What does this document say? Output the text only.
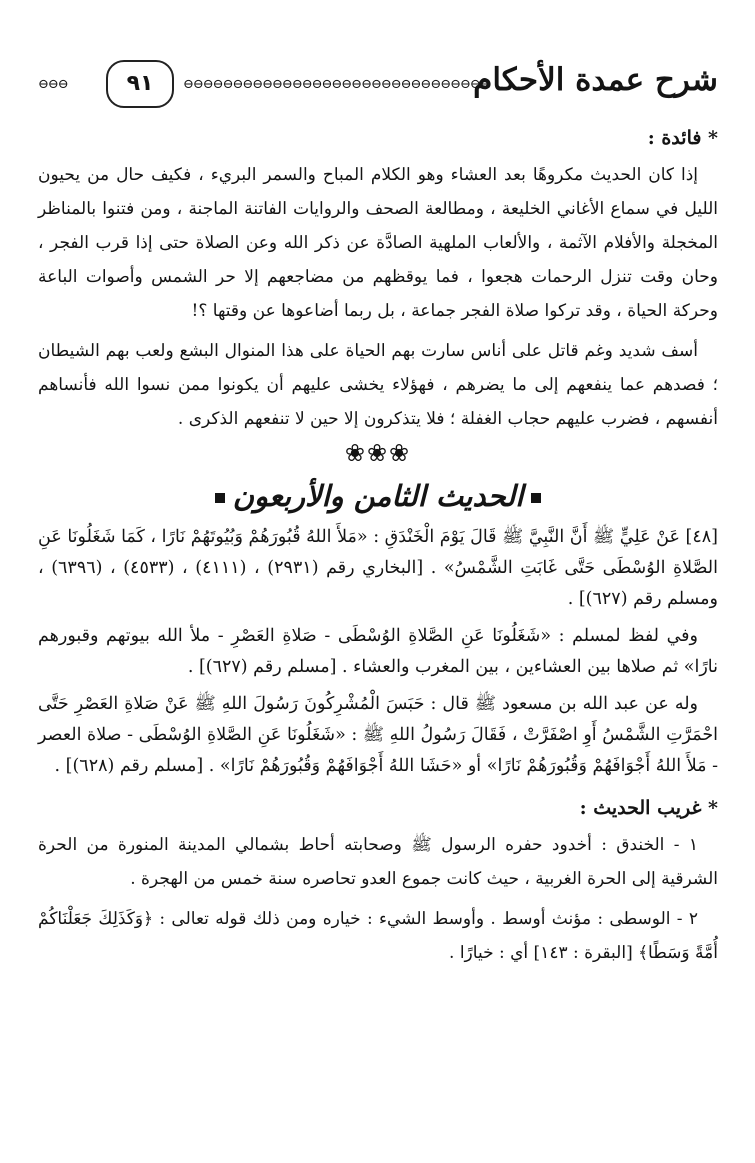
شرح عمدة الأحكام
⊖⊖⊖⊖⊖⊖⊖⊖⊖⊖⊖⊖⊖⊖⊖⊖⊖⊖⊖⊖⊖⊖⊖⊖⊖⊖⊖⊖⊖⊖⊖
٩١
⊖⊖⊖

* فائدة :

إذا كان الحديث مكروهًا بعد العشاء وهو الكلام المباح والسمر البريء ، فكيف حال من يحيون الليل في سماع الأغاني الخليعة ، ومطالعة الصحف والروايات الفاتنة الماجنة ، ومن فتنوا بالمناظر المخجلة والأفلام الآثمة ، والألعاب الملهية الصادَّة عن ذكر الله وعن الصلاة حتى إذا قرب الفجر ، وحان وقت تنزل الرحمات هجعوا ، فما يوقظهم من مضاجعهم إلا حر الشمس وأصوات الباعة وحركة الحياة ، وقد تركوا صلاة الفجر جماعة ، بل ربما أضاعوها عن وقتها ؟!

أسف شديد وغم قاتل على أناس سارت بهم الحياة على هذا المنوال البشع ولعب بهم الشيطان ؛ فصدهم عما ينفعهم إلى ما يضرهم ، فهؤلاء يخشى عليهم أن يكونوا ممن نسوا الله فأنساهم أنفسهم ، فضرب عليهم حجاب الغفلة ؛ فلا يتذكرون إلا حين لا تنفعهم الذكرى .

❀❀❀
الحديث الثامن والأربعون

[٤٨] عَنْ عَلِيٍّ ﷺ أَنَّ النَّبِيَّ ﷺ قَالَ يَوْمَ الْخَنْدَقِ : «مَلأَ اللهُ قُبُورَهُمْ وَبُيُوتَهُمْ نَارًا ، كَمَا شَغَلُونَا عَنِ الصَّلاةِ الوُسْطَى حَتَّى غَابَتِ الشَّمْسُ» . [البخاري رقم (٢٩٣١) ، (٤١١١) ، (٤٥٣٣) ، (٦٣٩٦) ، ومسلم رقم (٦٢٧)] .

وفي لفظ لمسلم : «شَغَلُونَا عَنِ الصَّلاةِ الوُسْطَى - صَلاةِ العَصْرِ - ملأ الله بيوتهم وقبورهم نارًا» ثم صلاها بين العشاءين ، بين المغرب والعشاء . [مسلم رقم (٦٢٧)] .

وله عن عبد الله بن مسعود ﷺ قال : حَبَسَ الْمُشْرِكُونَ رَسُولَ اللهِ ﷺ عَنْ صَلاةِ العَصْرِ حَتَّى احْمَرَّتِ الشَّمْسُ أَوِ اصْفَرَّتْ ، فَقَالَ رَسُولُ اللهِ ﷺ : «شَغَلُونَا عَنِ الصَّلاةِ الوُسْطَى - صلاة العصر - مَلأَ اللهُ أَجْوَافَهُمْ وَقُبُورَهُمْ نَارًا» أو «حَشَا اللهُ أَجْوَافَهُمْ وَقُبُورَهُمْ نَارًا» . [مسلم رقم (٦٢٨)] .

* غريب الحديث :

١ - الخندق : أخدود حفره الرسول ﷺ وصحابته أحاط بشمالي المدينة المنورة من الحرة الشرقية إلى الحرة الغربية ، حيث كانت جموع العدو تحاصره سنة خمس من الهجرة .

٢ - الوسطى : مؤنث أوسط . وأوسط الشيء : خياره ومن ذلك قوله تعالى : ﴿وَكَذَلِكَ جَعَلْنَاكُمْ أُمَّةً وَسَطًا﴾ [البقرة : ١٤٣] أي : خيارًا .
